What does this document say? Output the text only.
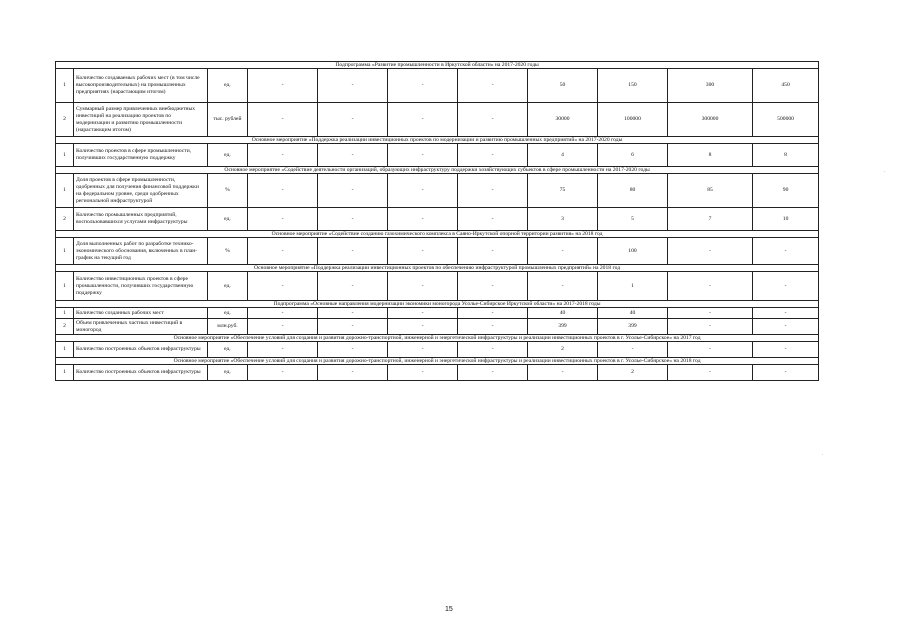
Подпрограмма «Развитие промышленности в Иркутской области» на 2017-2020 годы										
1	Количество создаваемых рабочих мест (в том числе высокопроизводительных) на промышленных предприятиях (нарастающим итогом)	ед.	-	-	-	-	50	150	300	450
2	Суммарный размер привлеченных внебюджетных инвестиций на реализацию проектов по модернизации и развитию промышленности (нарастающим итогом)	тыс. рублей	-	-	-	-	30000	100000	300000	500000
Основное мероприятие «Поддержка реализации инвестиционных проектов по модернизации и развитию промышленных предприятий» на 2017-2020 годы										
1	Количество проектов в сфере промышленности, получивших государственную поддержку	ед.	-	-	-	-	4	6	8	8
Основное мероприятие «Содействие деятельности организаций, образующих инфраструктуру поддержки хозяйствующих субъектов в сфере промышленности на 2017-2020 годы										
1	Доля проектов в сфере промышленности, одобренных для получения финансовой поддержки на федеральном уровне, среди одобренных региональной инфраструктурой	%	-	-	-	-	75	80	85	90
2	Количество промышленных предприятий, воспользовавшихся услугами инфраструктуры	ед.	-	-	-	-	3	5	7	10
Основное мероприятие «Содействие созданию газохимического комплекса в Саяно-Иркутской опорной территории развития» на 2018 год										
1	Доля выполненных работ по разработке технико-экономического обоснования, включенных в план-график на текущий год	%	-	-	-	-	-	100	-	-
Основное мероприятие «Поддержка реализации инвестиционных проектов по обеспечению инфраструктурой промышленных предприятий» на 2018 год										
1	Количество инвестиционных проектов в сфере промышленности, получивших государственную поддержку	ед.	-	-	-	-	-	1	-	-
Подпрограмма «Основные направления модернизации экономики моногорода Усолье-Сибирское Иркутской области» на 2017-2018 годы										
1	Количество созданных рабочих мест	ед.	-	-	-	-	40	40	-	-
2	Объем привлеченных частных инвестиций в моногород	млн.руб.	-	-	-	-	399	399	-	-
Основное мероприятие «Обеспечение условий для создания и развития дорожно-транспортной, инженерной и энергетической инфраструктуры и реализации инвестиционных проектов в г. Усолье-Сибирское» на 2017 год										
1	Количество построенных объектов инфраструктуры	ед.	-	-	-	-	2	-	-	-
Основное мероприятие «Обеспечение условий для создания и развития дорожно-транспортной, инженерной и энергетической инфраструктуры и реализации инвестиционных проектов в г. Усолье-Сибирское» на 2018 год										
1	Количество построенных объектов инфраструктуры	ед.	-	-	-	-	-	2	-	-
15
.
.
